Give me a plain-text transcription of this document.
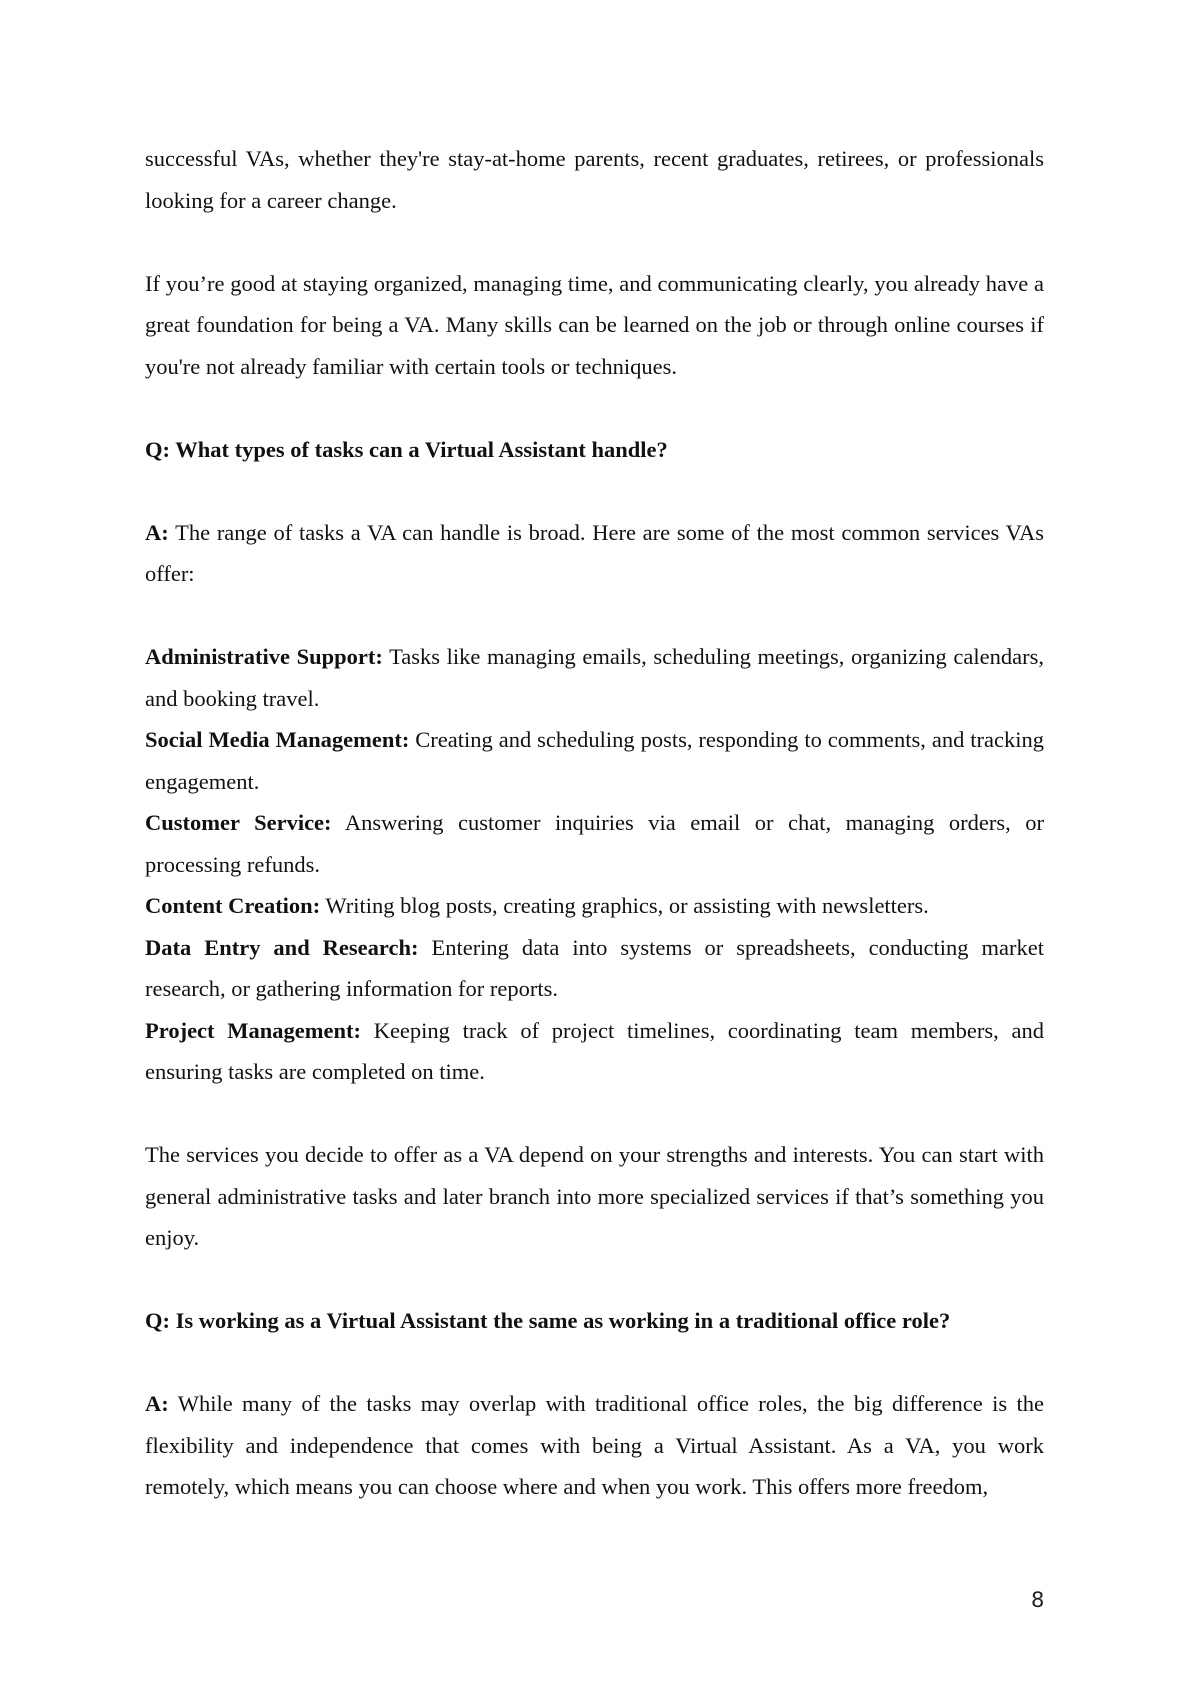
successful VAs, whether they're stay-at-home parents, recent graduates, retirees, or professionals looking for a career change.

If you’re good at staying organized, managing time, and communicating clearly, you already have a great foundation for being a VA. Many skills can be learned on the job or through online courses if you're not already familiar with certain tools or techniques.

Q: What types of tasks can a Virtual Assistant handle?

A: The range of tasks a VA can handle is broad. Here are some of the most common services VAs offer:

Administrative Support: Tasks like managing emails, scheduling meetings, organizing calendars, and booking travel.

Social Media Management: Creating and scheduling posts, responding to comments, and tracking engagement.

Customer Service: Answering customer inquiries via email or chat, managing orders, or processing refunds.

Content Creation: Writing blog posts, creating graphics, or assisting with newsletters.

Data Entry and Research: Entering data into systems or spreadsheets, conducting market research, or gathering information for reports.

Project Management: Keeping track of project timelines, coordinating team members, and ensuring tasks are completed on time.

The services you decide to offer as a VA depend on your strengths and interests. You can start with general administrative tasks and later branch into more specialized services if that’s something you enjoy.

Q: Is working as a Virtual Assistant the same as working in a traditional office role?

A: While many of the tasks may overlap with traditional office roles, the big difference is the flexibility and independence that comes with being a Virtual Assistant. As a VA, you work remotely, which means you can choose where and when you work. This offers more freedom,

8
